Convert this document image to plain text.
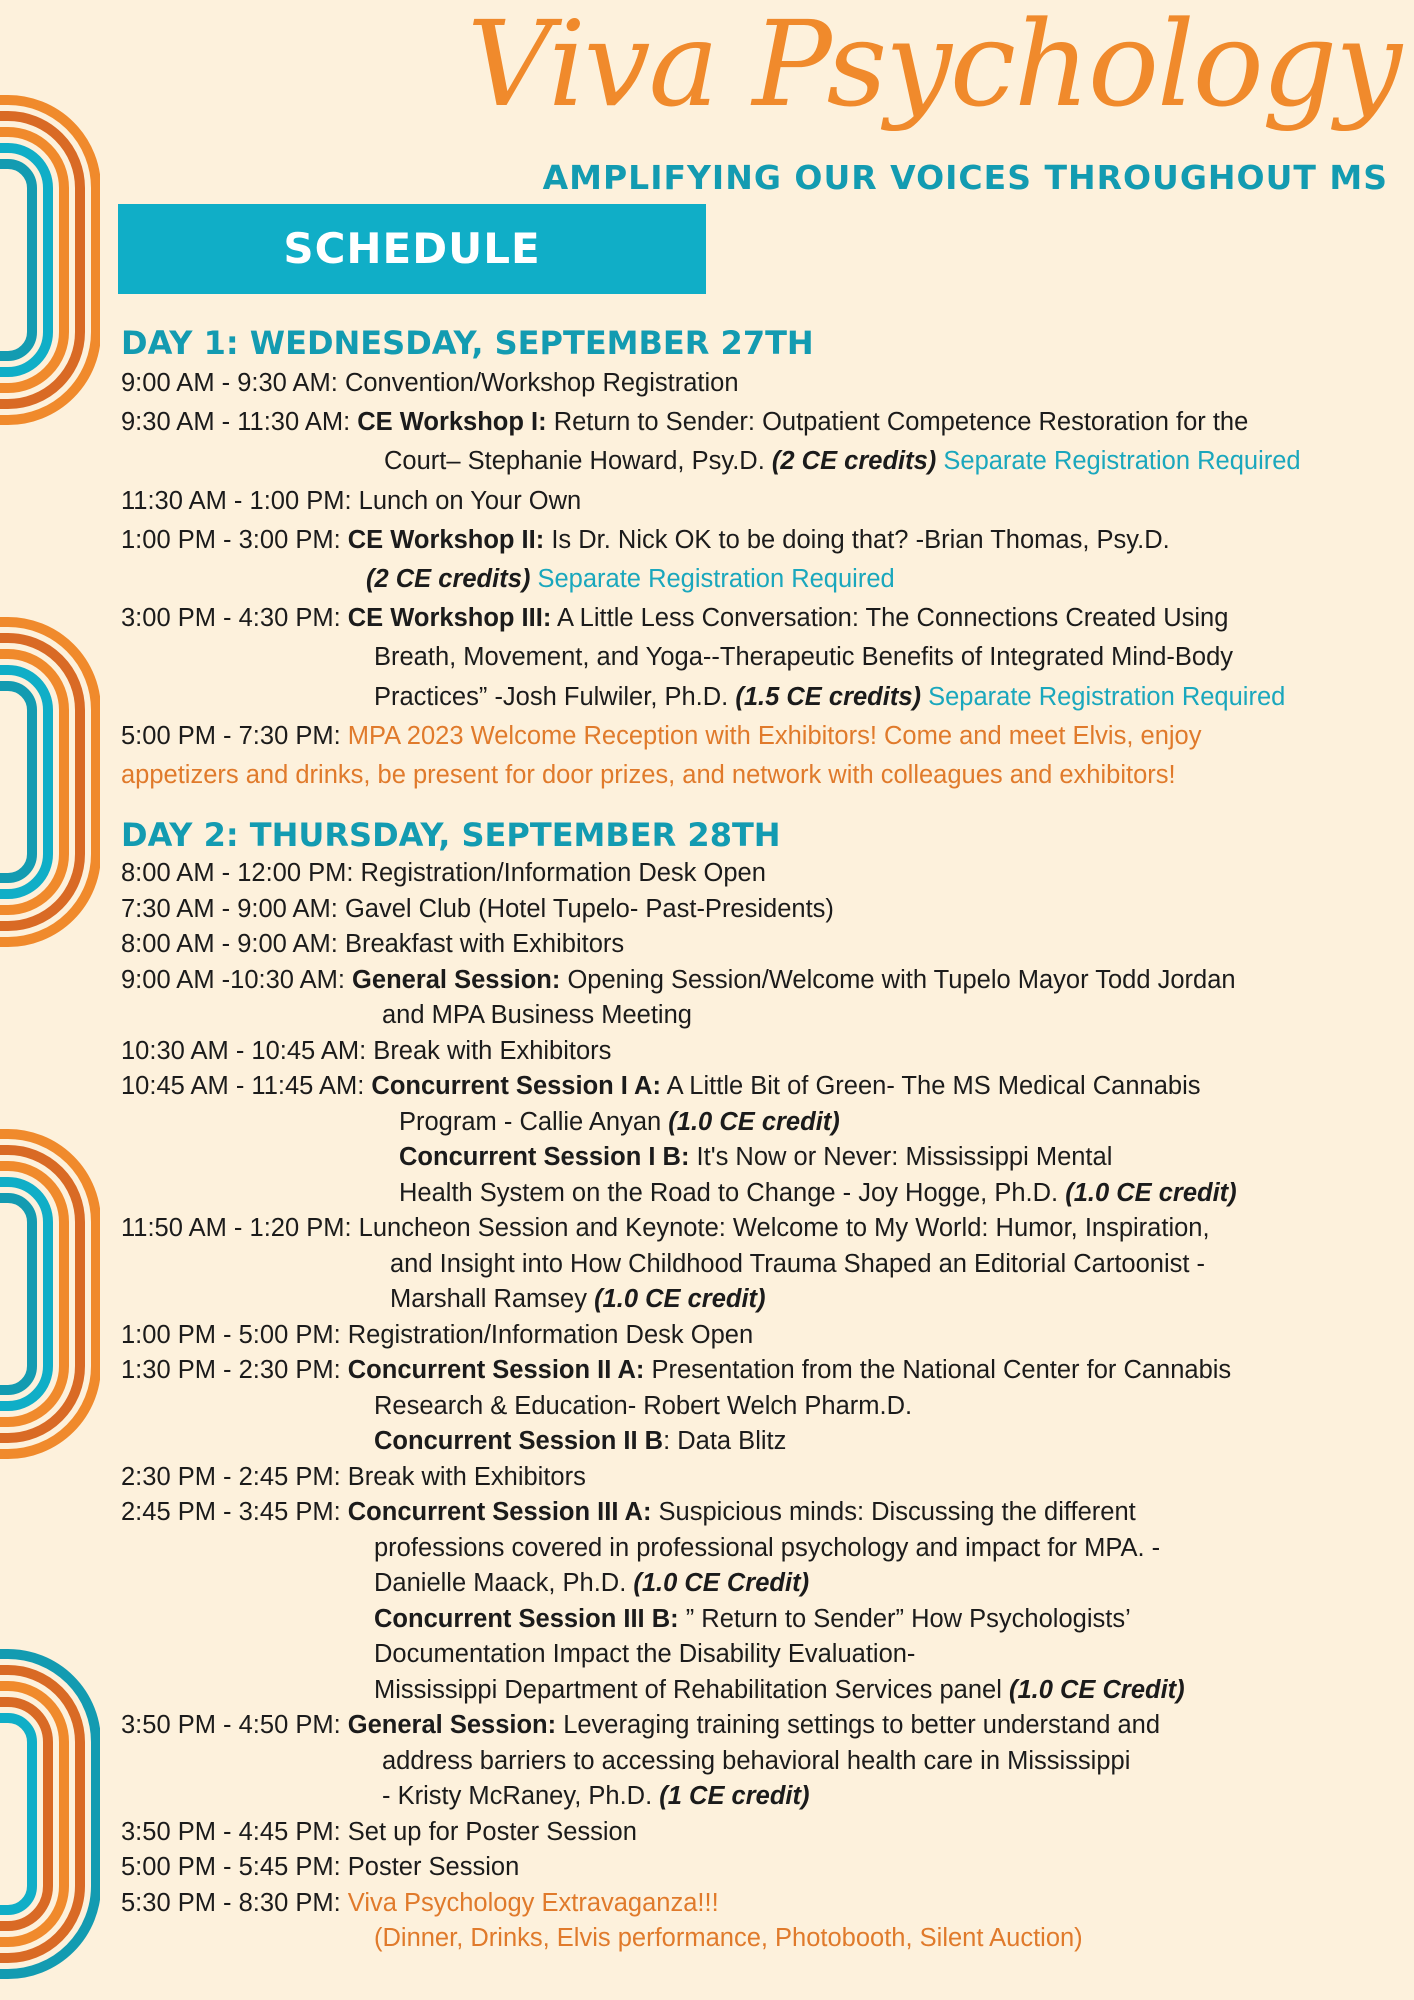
Viva Psychology
AMPLIFYING OUR VOICES THROUGHOUT MS
SCHEDULE
DAY 1: WEDNESDAY, SEPTEMBER 27TH
9:00 AM - 9:30 AM: Convention/Workshop Registration
9:30 AM - 11:30 AM: CE Workshop I: Return to Sender: Outpatient Competence Restoration for the
Court– Stephanie Howard, Psy.D. (2 CE credits) Separate Registration Required
11:30 AM - 1:00 PM: Lunch on Your Own
1:00 PM - 3:00 PM: CE Workshop II: Is Dr. Nick OK to be doing that? -Brian Thomas, Psy.D.
(2 CE credits) Separate Registration Required
3:00 PM - 4:30 PM: CE Workshop III: A Little Less Conversation: The Connections Created Using
Breath, Movement, and Yoga--Therapeutic Benefits of Integrated Mind-Body
Practices” -Josh Fulwiler, Ph.D. (1.5 CE credits) Separate Registration Required
5:00 PM - 7:30 PM: MPA 2023 Welcome Reception with Exhibitors! Come and meet Elvis, enjoy
appetizers and drinks, be present for door prizes, and network with colleagues and exhibitors!
DAY 2: THURSDAY, SEPTEMBER 28TH
8:00 AM - 12:00 PM: Registration/Information Desk Open
7:30 AM - 9:00 AM: Gavel Club (Hotel Tupelo- Past-Presidents)
8:00 AM - 9:00 AM: Breakfast with Exhibitors
9:00 AM -10:30 AM: General Session: Opening Session/Welcome with Tupelo Mayor Todd Jordan
and MPA Business Meeting
10:30 AM - 10:45 AM: Break with Exhibitors
10:45 AM - 11:45 AM: Concurrent Session I A: A Little Bit of Green- The MS Medical Cannabis
Program - Callie Anyan (1.0 CE credit)
Concurrent Session I B: It's Now or Never: Mississippi Mental
Health System on the Road to Change - Joy Hogge, Ph.D. (1.0 CE credit)
11:50 AM - 1:20 PM: Luncheon Session and Keynote: Welcome to My World: Humor, Inspiration,
and Insight into How Childhood Trauma Shaped an Editorial Cartoonist -
Marshall Ramsey (1.0 CE credit)
1:00 PM - 5:00 PM: Registration/Information Desk Open
1:30 PM - 2:30 PM: Concurrent Session II A: Presentation from the National Center for Cannabis
Research & Education- Robert Welch Pharm.D.
Concurrent Session II B: Data Blitz
2:30 PM - 2:45 PM: Break with Exhibitors
2:45 PM - 3:45 PM: Concurrent Session III A: Suspicious minds: Discussing the different
professions covered in professional psychology and impact for MPA. -
Danielle Maack, Ph.D. (1.0 CE Credit)
Concurrent Session III B: ” Return to Sender” How Psychologists’
Documentation Impact the Disability Evaluation-
Mississippi Department of Rehabilitation Services panel (1.0 CE Credit)
3:50 PM - 4:50 PM: General Session: Leveraging training settings to better understand and
address barriers to accessing behavioral health care in Mississippi
- Kristy McRaney, Ph.D. (1 CE credit)
3:50 PM - 4:45 PM: Set up for Poster Session
5:00 PM - 5:45 PM: Poster Session
5:30 PM - 8:30 PM: Viva Psychology Extravaganza!!!
(Dinner, Drinks, Elvis performance, Photobooth, Silent Auction)
